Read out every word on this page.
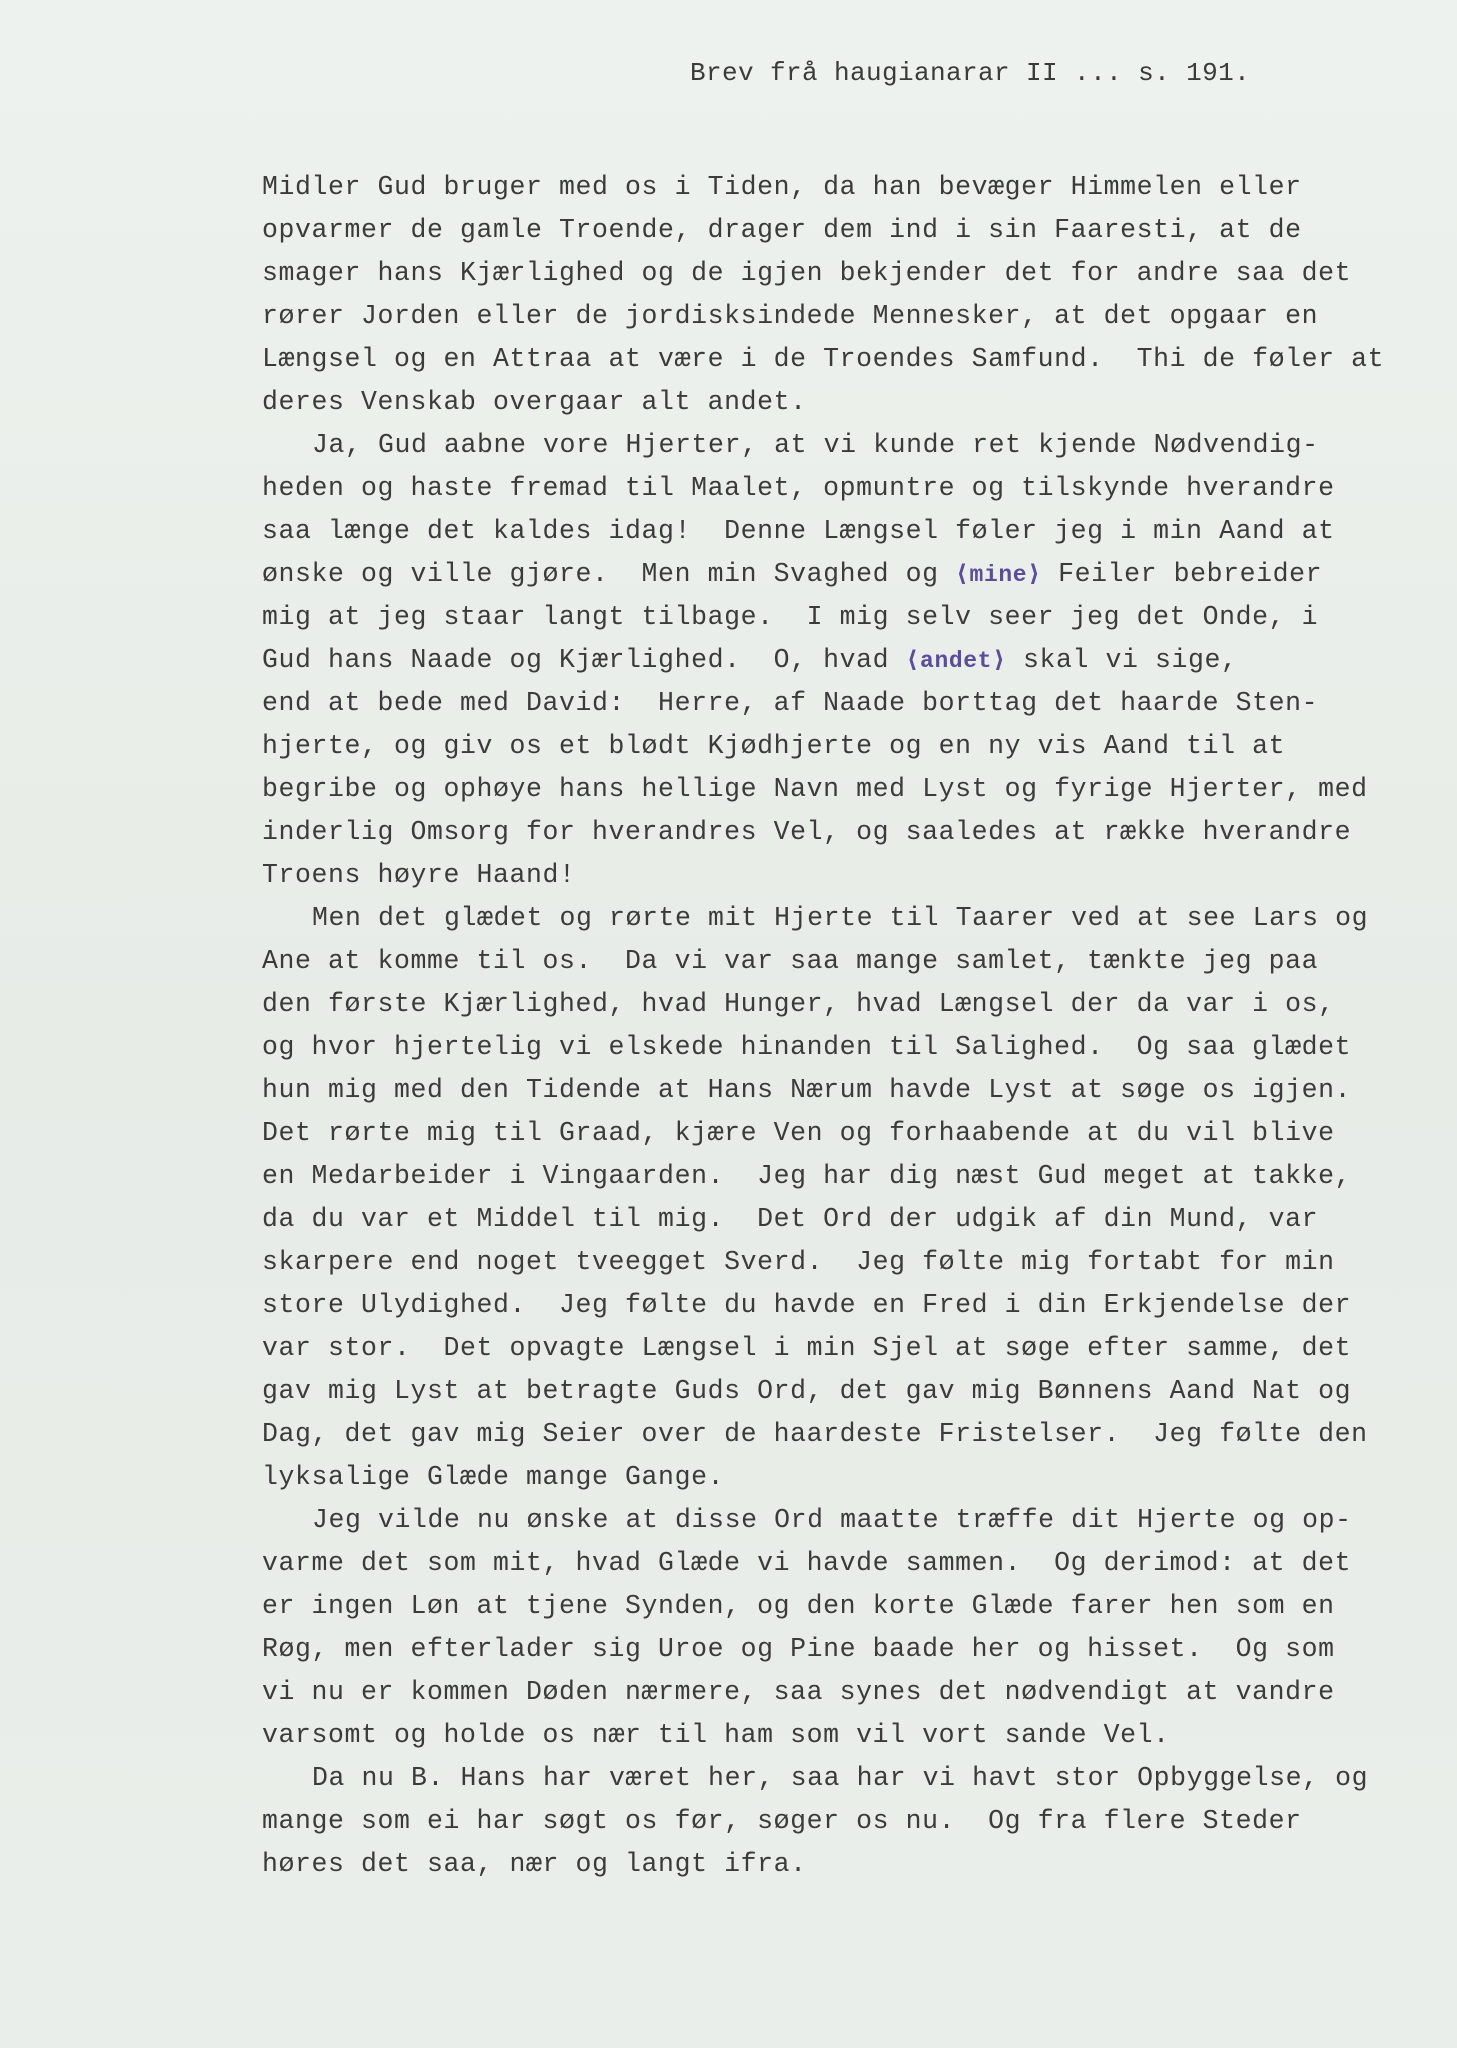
Brev frå haugianarar II ... s. 191.
Midler Gud bruger med os i Tiden, da han bevæger Himmelen eller
opvarmer de gamle Troende, drager dem ind i sin Faaresti, at de
smager hans Kjærlighed og de igjen bekjender det for andre saa det
rører Jorden eller de jordisksindede Mennesker, at det opgaar en
Længsel og en Attraa at være i de Troendes Samfund.  Thi de føler at
deres Venskab overgaar alt andet.
Ja, Gud aabne vore Hjerter, at vi kunde ret kjende Nødvendig-
heden og haste fremad til Maalet, opmuntre og tilskynde hverandre
saa længe det kaldes idag!  Denne Længsel føler jeg i min Aand at
ønske og ville gjøre.  Men min Svaghed og ⟨mine⟩ Feiler bebreider
mig at jeg staar langt tilbage.  I mig selv seer jeg det Onde, i
Gud hans Naade og Kjærlighed.  O, hvad ⟨andet⟩ skal vi sige,
end at bede med David:  Herre, af Naade borttag det haarde Sten-
hjerte, og giv os et blødt Kjødhjerte og en ny vis Aand til at
begribe og ophøye hans hellige Navn med Lyst og fyrige Hjerter, med
inderlig Omsorg for hverandres Vel, og saaledes at række hverandre
Troens høyre Haand!
Men det glædet og rørte mit Hjerte til Taarer ved at see Lars og
Ane at komme til os.  Da vi var saa mange samlet, tænkte jeg paa
den første Kjærlighed, hvad Hunger, hvad Længsel der da var i os,
og hvor hjertelig vi elskede hinanden til Salighed.  Og saa glædet
hun mig med den Tidende at Hans Nærum havde Lyst at søge os igjen.
Det rørte mig til Graad, kjære Ven og forhaabende at du vil blive
en Medarbeider i Vingaarden.  Jeg har dig næst Gud meget at takke,
da du var et Middel til mig.  Det Ord der udgik af din Mund, var
skarpere end noget tveegget Sverd.  Jeg følte mig fortabt for min
store Ulydighed.  Jeg følte du havde en Fred i din Erkjendelse der
var stor.  Det opvagte Længsel i min Sjel at søge efter samme, det
gav mig Lyst at betragte Guds Ord, det gav mig Bønnens Aand Nat og
Dag, det gav mig Seier over de haardeste Fristelser.  Jeg følte den
lyksalige Glæde mange Gange.
Jeg vilde nu ønske at disse Ord maatte træffe dit Hjerte og op-
varme det som mit, hvad Glæde vi havde sammen.  Og derimod: at det
er ingen Løn at tjene Synden, og den korte Glæde farer hen som en
Røg, men efterlader sig Uroe og Pine baade her og hisset.  Og som
vi nu er kommen Døden nærmere, saa synes det nødvendigt at vandre
varsomt og holde os nær til ham som vil vort sande Vel.
Da nu B. Hans har været her, saa har vi havt stor Opbyggelse, og
mange som ei har søgt os før, søger os nu.  Og fra flere Steder
høres det saa, nær og langt ifra.
